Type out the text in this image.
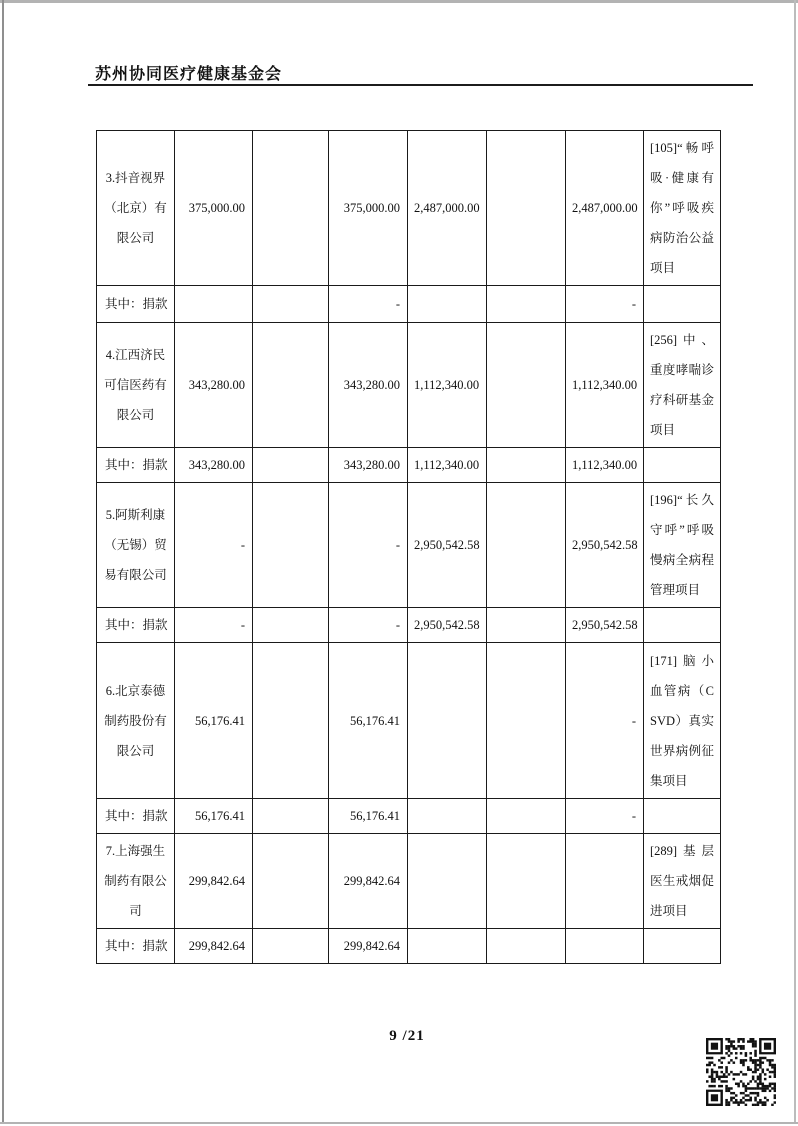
苏州协同医疗健康基金会
3.抖音视界（北京）有限公司	375,000.00		375,000.00	2,487,000.00		2,487,000.00	[105]“畅呼吸·健康有你”呼吸疾病防治公益项目
其中：捐款			-			-	
4.江西济民可信医药有限公司	343,280.00		343,280.00	1,112,340.00		1,112,340.00	[256]中、重度哮喘诊疗科研基金项目
其中：捐款	343,280.00		343,280.00	1,112,340.00		1,112,340.00	
5.阿斯利康（无锡）贸易有限公司	-		-	2,950,542.58		2,950,542.58	[196]“长久守呼”呼吸慢病全病程管理项目
其中：捐款	-		-	2,950,542.58		2,950,542.58	
6.北京泰德制药股份有限公司	56,176.41		56,176.41			-	[171]脑小血管病（CSVD）真实世界病例征集项目
其中：捐款	56,176.41		56,176.41			-	
7.上海强生制药有限公司	299,842.64		299,842.64				[289]基层医生戒烟促进项目
其中：捐款	299,842.64		299,842.64				
9 /21
